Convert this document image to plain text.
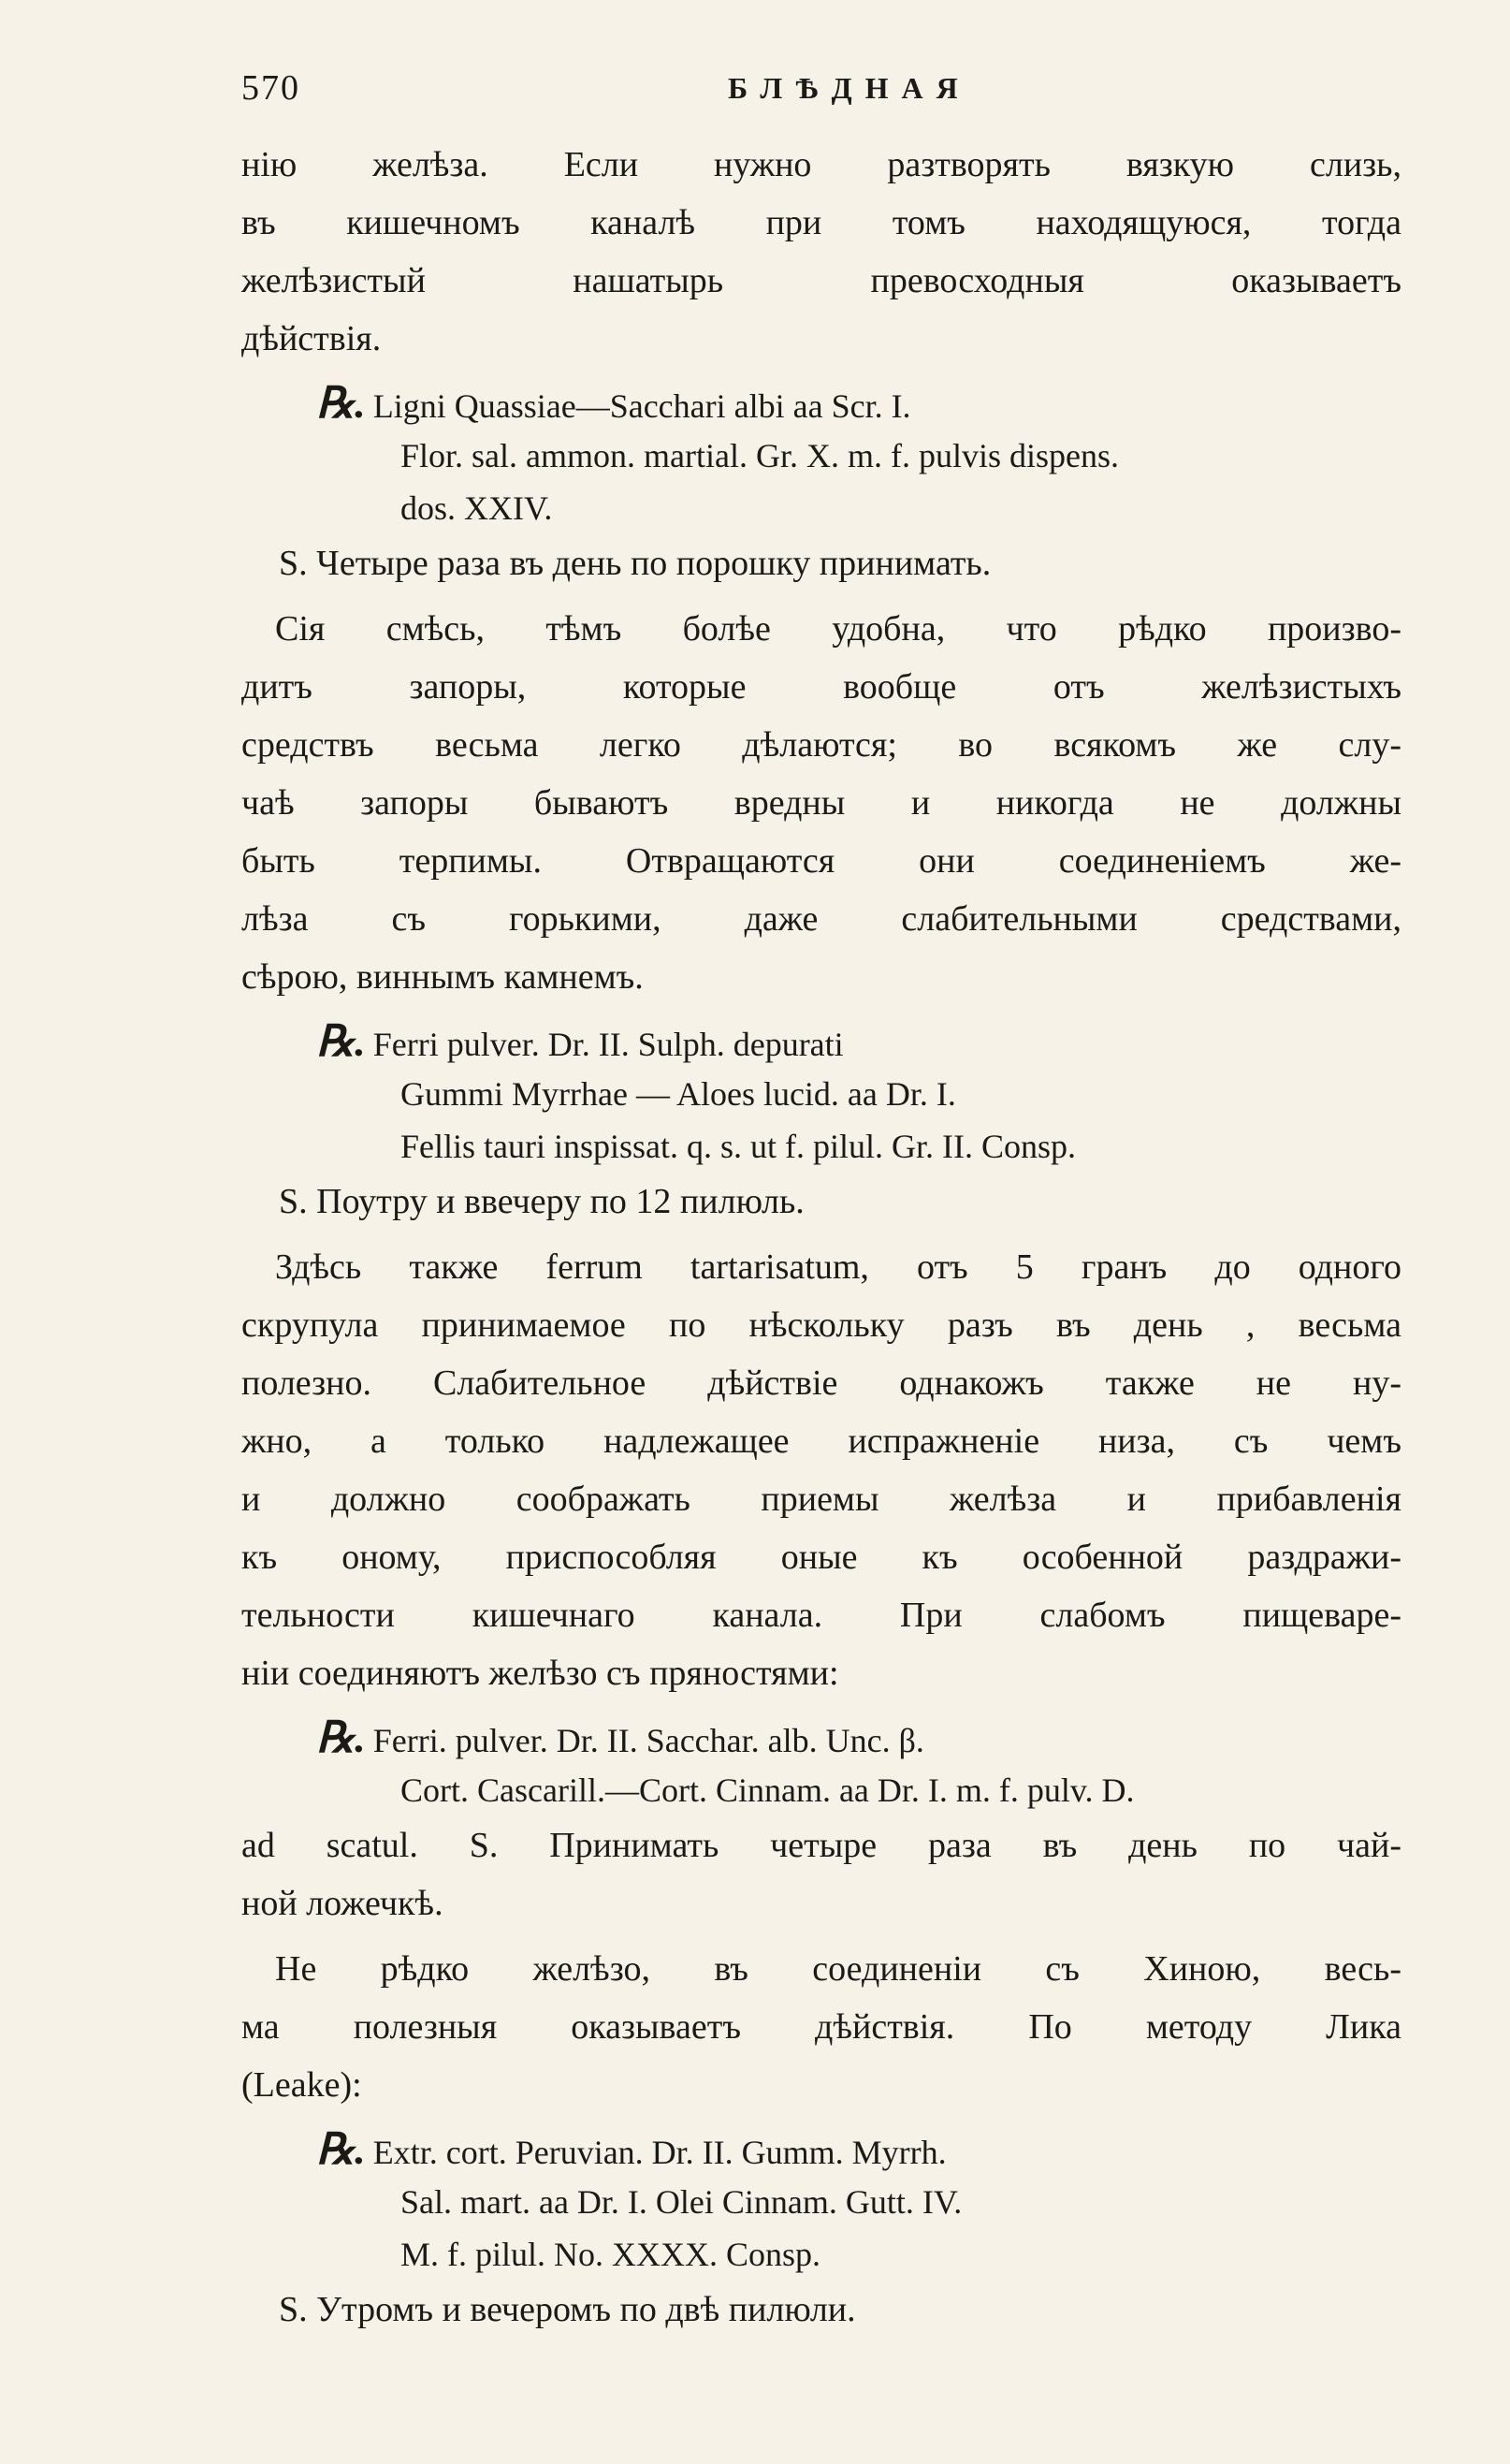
570	БЛѢДНАЯ
нію желѣза. Если нужно разтворять вязкую слизь,
въ кишечномъ каналѣ при томъ находящуюся, тогда
желѣзистый нашатырь превосходныя оказываетъ
дѣйствія.
℞. Ligni Quassiae—Sacchari albi aa Scr. I.
Flor. sal. ammon. martial. Gr. X. m. f. pulvis dispens.
dos. XXIV.
S. Четыре раза въ день по порошку принимать.
Сія смѣсь, тѣмъ болѣе удобна, что рѣдко произво-
дитъ запоры, которые вообще отъ желѣзистыхъ
средствъ весьма легко дѣлаются; во всякомъ же слу-
чаѣ запоры бываютъ вредны и никогда не должны
быть терпимы. Отвращаются они соединеніемъ же-
лѣза съ горькими, даже слабительными средствами,
сѣрою, виннымъ камнемъ.
℞. Ferri pulver. Dr. II. Sulph. depurati
Gummi Myrrhae — Aloes lucid. aa Dr. I.
Fellis tauri inspissat. q. s. ut f. pilul. Gr. II. Consp.
S. Поутру и ввечеру по 12 пилюль.
Здѣсь также ferrum tartarisatum, отъ 5 гранъ до одного
скрупула принимаемое по нѣскольку разъ въ день , весьма
полезно. Слабительное дѣйствіе однакожъ также не ну-
жно, а только надлежащее испражненіе низа, съ чемъ
и должно соображать приемы желѣза и прибавленія
къ оному, приспособляя оные къ особенной раздражи-
тельности кишечнаго канала. При слабомъ пищеваре-
ніи соединяютъ желѣзо съ пряностями:
℞. Ferri. pulver. Dr. II. Sacchar. alb. Unc. β.
Cort. Cascarill.—Cort. Cinnam. aa Dr. I. m. f. pulv. D.
ad scatul. S. Принимать четыре раза въ день по чай-
ной ложечкѣ.
Не рѣдко желѣзо, въ соединеніи съ Хиною, весь-
ма полезныя оказываетъ дѣйствія. По методу Лика
(Leake):
℞. Extr. cort. Peruvian. Dr. II. Gumm. Myrrh.
Sal. mart. aa Dr. I. Olei Cinnam. Gutt. IV.
M. f. pilul. No. XXXX. Consp.
S. Утромъ и вечеромъ по двѣ пилюли.
